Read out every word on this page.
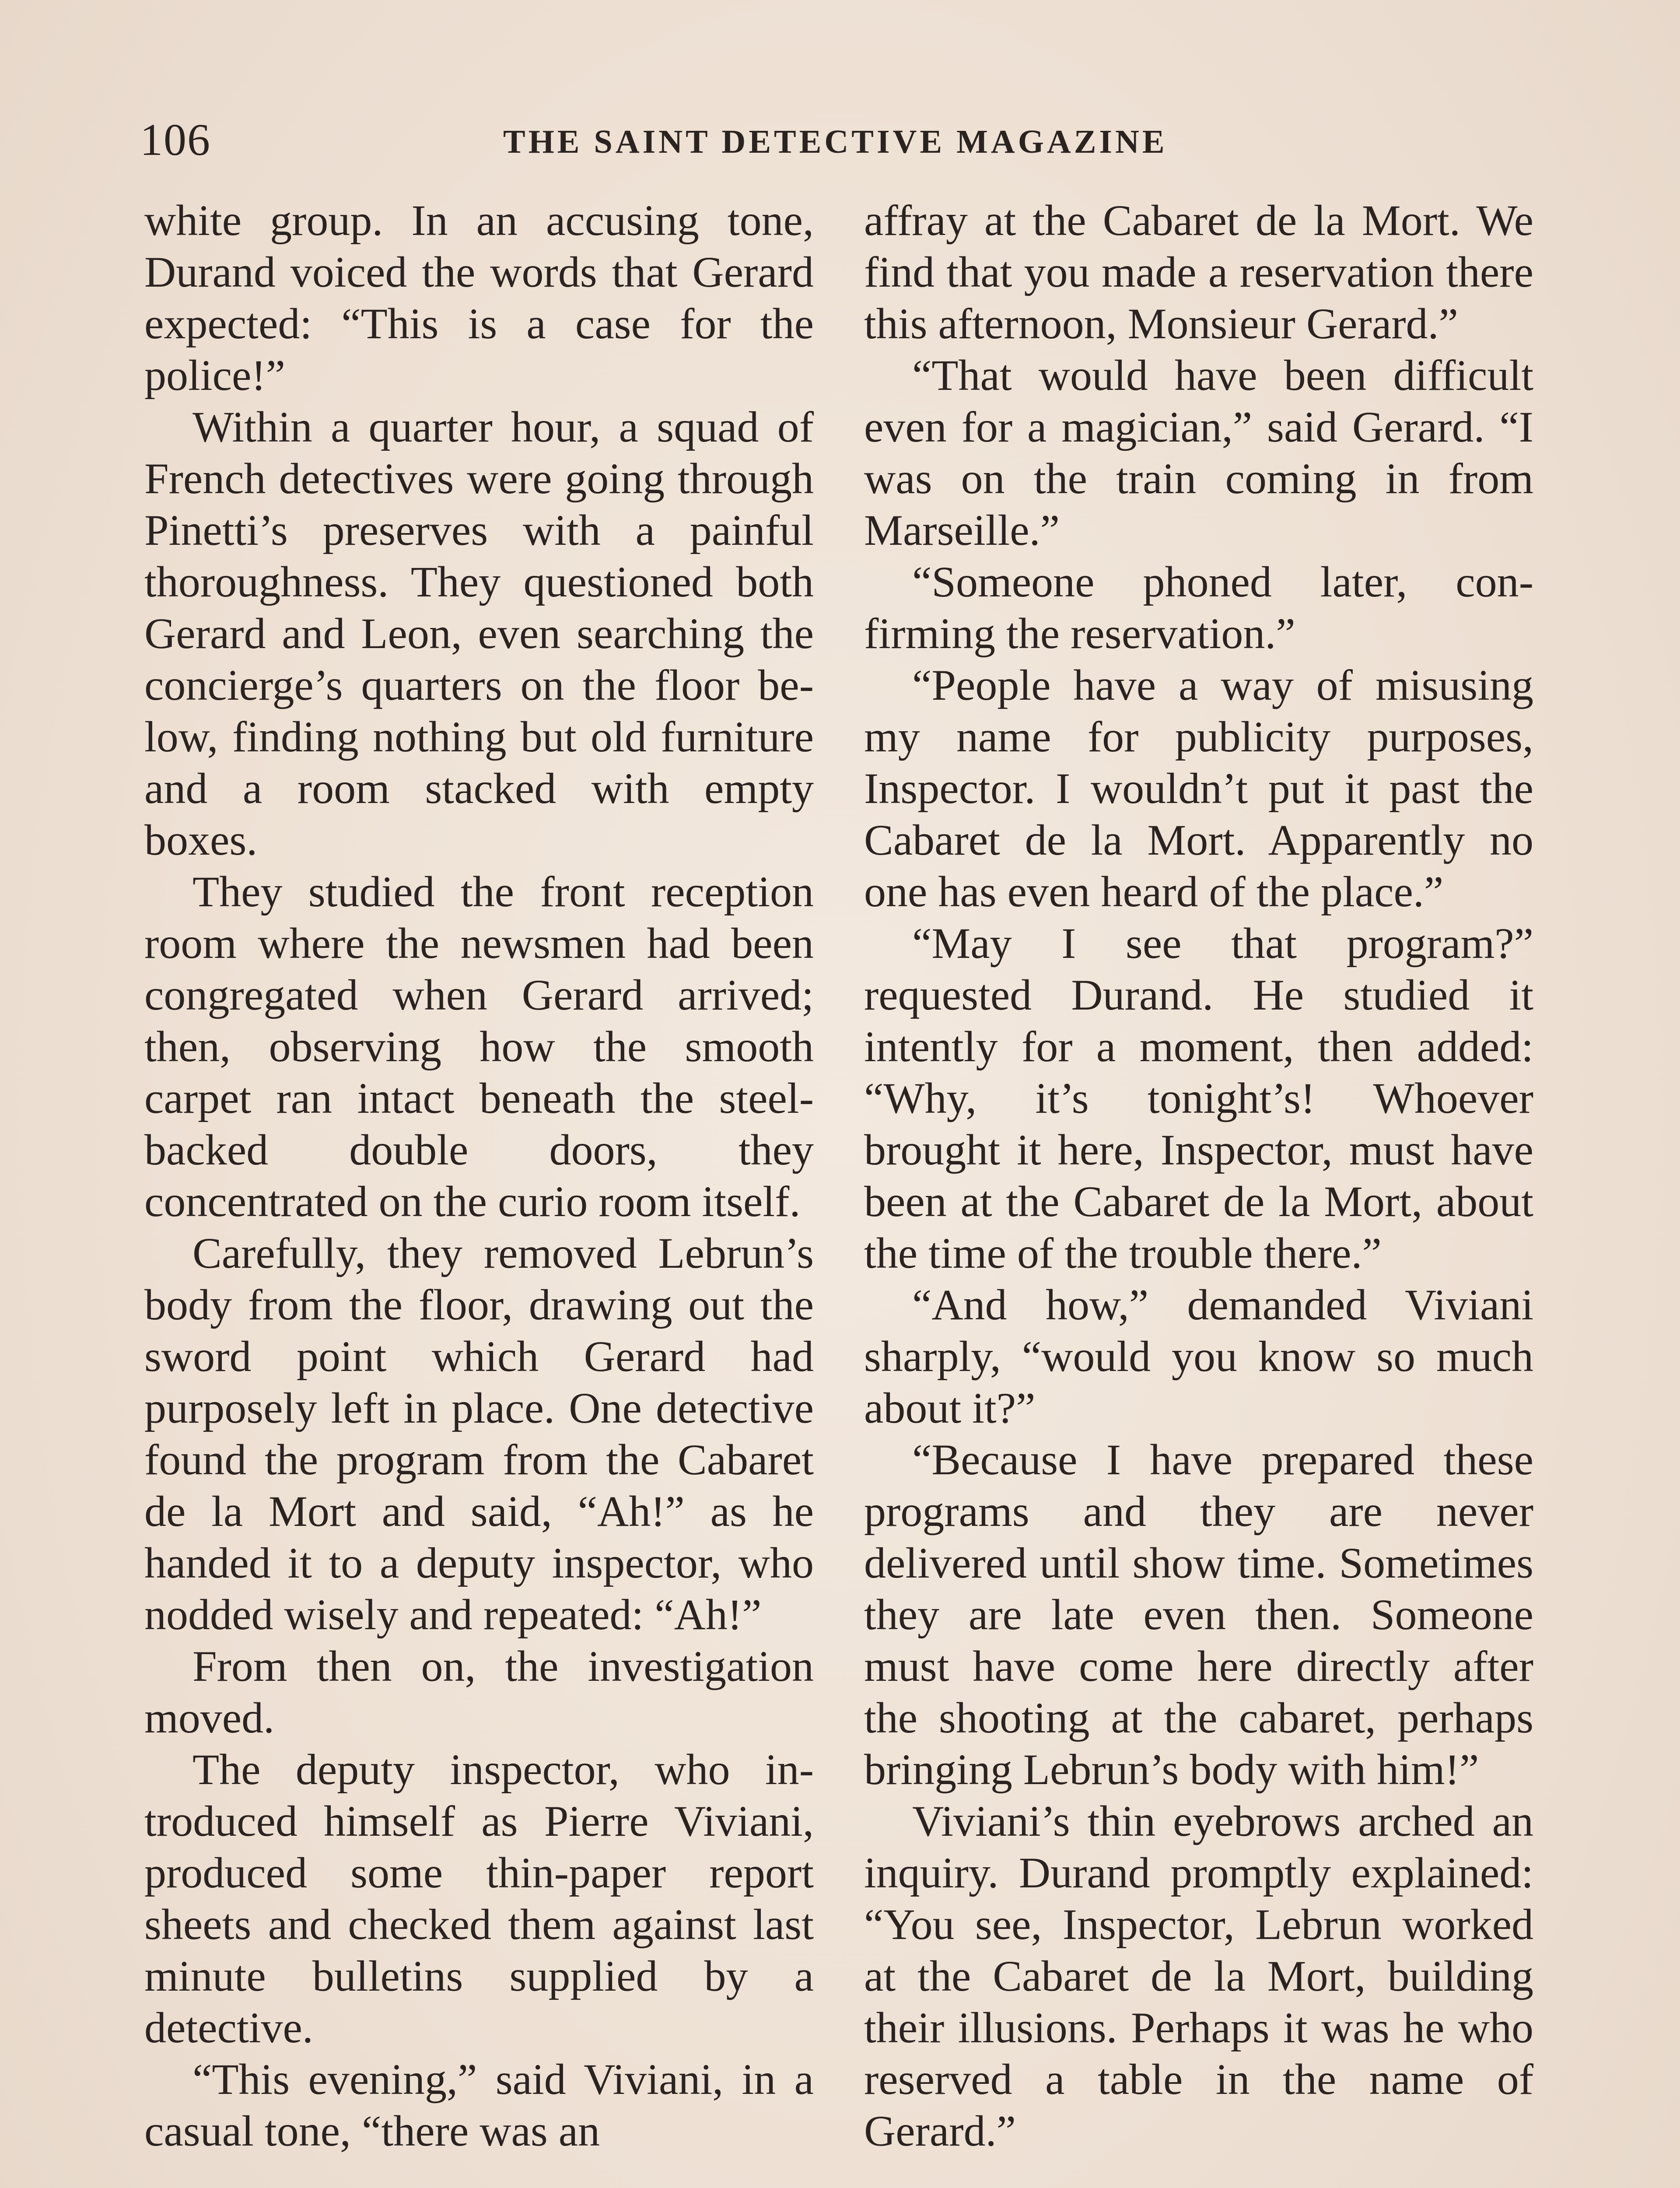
106	THE SAINT DETECTIVE MAGAZINE

white group. In an accusing tone, Durand voiced the words that Gerard expected: “This is a case for the police!”

Within a quarter hour, a squad of French detectives were going through Pinetti’s preserves with a painful thoroughness. They questioned both Gerard and Leon, even searching the concierge’s quarters on the floor below, finding nothing but old furniture and a room stacked with empty boxes.

They studied the front reception room where the newsmen had been congregated when Gerard arrived; then, observing how the smooth carpet ran intact beneath the steel-backed double doors, they concentrated on the curio room itself.

Carefully, they removed Lebrun’s body from the floor, drawing out the sword point which Gerard had purposely left in place. One detective found the program from the Cabaret de la Mort and said, “Ah!” as he handed it to a deputy inspector, who nodded wisely and repeated: “Ah!”

From then on, the investigation moved.

The deputy inspector, who introduced himself as Pierre Viviani, produced some thin-paper report sheets and checked them against last minute bulletins supplied by a detective.

“This evening,” said Viviani, in a casual tone, “there was an

affray at the Cabaret de la Mort. We find that you made a reservation there this afternoon, Monsieur Gerard.”

“That would have been difficult even for a magician,” said Gerard. “I was on the train coming in from Marseille.”

“Someone phoned later, confirming the reservation.”

“People have a way of misusing my name for publicity purposes, Inspector. I wouldn’t put it past the Cabaret de la Mort. Apparently no one has even heard of the place.”

“May I see that program?” requested Durand. He studied it intently for a moment, then added: “Why, it’s tonight’s! Whoever brought it here, Inspector, must have been at the Cabaret de la Mort, about the time of the trouble there.”

“And how,” demanded Viviani sharply, “would you know so much about it?”

“Because I have prepared these programs and they are never delivered until show time. Sometimes they are late even then. Someone must have come here directly after the shooting at the cabaret, perhaps bringing Lebrun’s body with him!”

Viviani’s thin eyebrows arched an inquiry. Durand promptly explained: “You see, Inspector, Lebrun worked at the Cabaret de la Mort, building their illusions. Perhaps it was he who reserved a table in the name of Gerard.”
